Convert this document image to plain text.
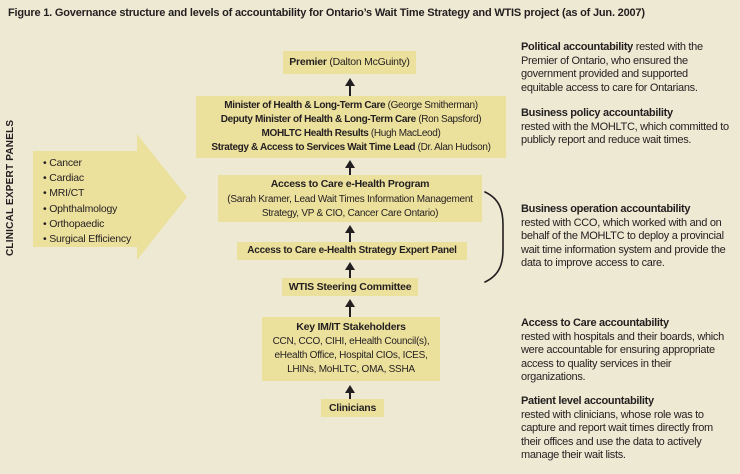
Figure 1. Governance structure and levels of accountability for Ontario’s Wait Time Strategy and WTIS project (as of Jun. 2007)
CLINICAL EXPERT PANELS	• Cancer
• Cardiac
• MRI/CT
• Ophthalmology
• Orthopaedic
• Surgical Efficiency
Premier (Dalton McGuinty)
Minister of Health & Long-Term Care (George Smitherman)
Deputy Minister of Health & Long-Term Care (Ron Sapsford)
MOHLTC Health Results (Hugh MacLeod)
Strategy & Access to Services Wait Time Lead (Dr. Alan Hudson)
Access to Care e-Health Program
(Sarah Kramer, Lead Wait Times Information Management Strategy, VP & CIO, Cancer Care Ontario)
Access to Care e-Health Strategy Expert Panel
WTIS Steering Committee
Key IM/IT Stakeholders
CCN, CCO, CIHI, eHealth Council(s), eHealth Office, Hospital CIOs, ICES, LHINs, MoHLTC, OMA, SSHA
Clinicians
Political accountability rested with the Premier of Ontario, who ensured the government provided and supported equitable access to care for Ontarians.
Business policy accountability
rested with the MOHLTC, which committed to publicly report and reduce wait times.
Business operation accountability
rested with CCO, which worked with and on behalf of the MOHLTC to deploy a provincial wait time information system and provide the data to improve access to care.
Access to Care accountability
rested with hospitals and their boards, which were accountable for ensuring appropriate access to quality services in their organizations.
Patient level accountability
rested with clinicians, whose role was to capture and report wait times directly from their offices and use the data to actively manage their wait lists.
